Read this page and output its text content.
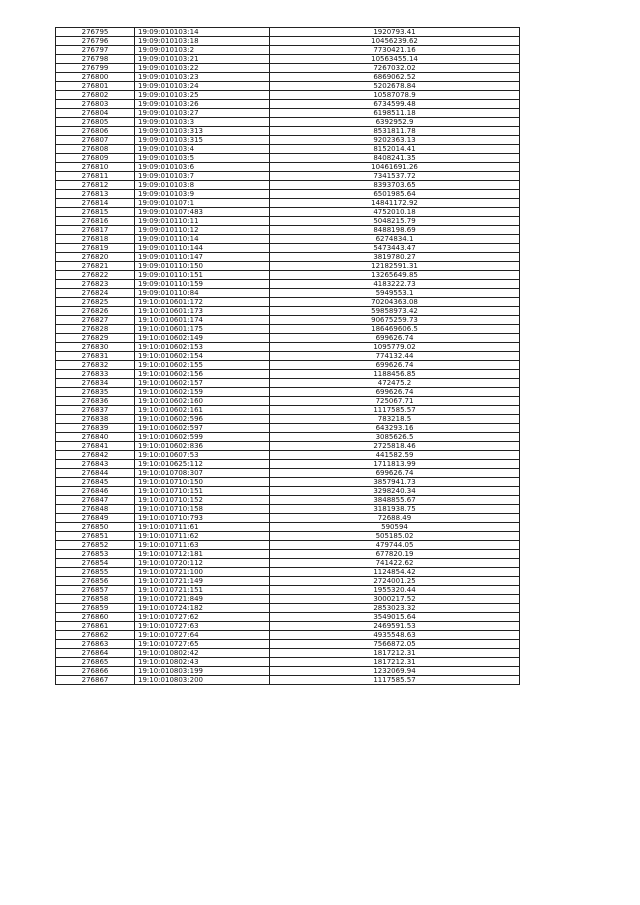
276795	19:09:010103:14	1920793.41
276796	19:09:010103:18	10456239.62
276797	19:09:010103:2	7730421.16
276798	19:09:010103:21	10563455.14
276799	19:09:010103:22	7267032.02
276800	19:09:010103:23	6869062.52
276801	19:09:010103:24	5202678.84
276802	19:09:010103:25	10587078.9
276803	19:09:010103:26	6734599.48
276804	19:09:010103:27	6198511.18
276805	19:09:010103:3	6392952.9
276806	19:09:010103:313	8531811.78
276807	19:09:010103:315	9202363.13
276808	19:09:010103:4	8152014.41
276809	19:09:010103:5	8408241.35
276810	19:09:010103:6	10461691.26
276811	19:09:010103:7	7341537.72
276812	19:09:010103:8	8393703.65
276813	19:09:010103:9	6501985.64
276814	19:09:010107:1	14841172.92
276815	19:09:010107:483	4752010.18
276816	19:09:010110:11	5048215.79
276817	19:09:010110:12	8488198.69
276818	19:09:010110:14	6274834.1
276819	19:09:010110:144	5473443.47
276820	19:09:010110:147	3819780.27
276821	19:09:010110:150	12182591.31
276822	19:09:010110:151	13265649.85
276823	19:09:010110:159	4183222.73
276824	19:09:010110:84	5949553.1
276825	19:10:010601:172	70204363.08
276826	19:10:010601:173	59858973.42
276827	19:10:010601:174	90675259.73
276828	19:10:010601:175	186469606.5
276829	19:10:010602:149	699626.74
276830	19:10:010602:153	1095779.02
276831	19:10:010602:154	774132.44
276832	19:10:010602:155	699626.74
276833	19:10:010602:156	1188456.85
276834	19:10:010602:157	472475.2
276835	19:10:010602:159	699626.74
276836	19:10:010602:160	725067.71
276837	19:10:010602:161	1117585.57
276838	19:10:010602:596	783218.5
276839	19:10:010602:597	643293.16
276840	19:10:010602:599	3085626.5
276841	19:10:010602:836	2725818.46
276842	19:10:010607:53	441582.59
276843	19:10:010625:112	1711813.99
276844	19:10:010708:307	699626.74
276845	19:10:010710:150	3857941.73
276846	19:10:010710:151	3298240.34
276847	19:10:010710:152	3848855.67
276848	19:10:010710:158	3181938.75
276849	19:10:010710:793	72688.49
276850	19:10:010711:61	590594
276851	19:10:010711:62	505185.02
276852	19:10:010711:63	479744.05
276853	19:10:010712:181	677820.19
276854	19:10:010720:112	741422.62
276855	19:10:010721:100	1124854.42
276856	19:10:010721:149	2724001.25
276857	19:10:010721:151	1955320.44
276858	19:10:010721:849	3000217.52
276859	19:10:010724:182	2853023.32
276860	19:10:010727:62	3549015.64
276861	19:10:010727:63	2469591.53
276862	19:10:010727:64	4935548.63
276863	19:10:010727:65	7566872.05
276864	19:10:010802:42	1817212.31
276865	19:10:010802:43	1817212.31
276866	19:10:010803:199	1232069.94
276867	19:10:010803:200	1117585.57
